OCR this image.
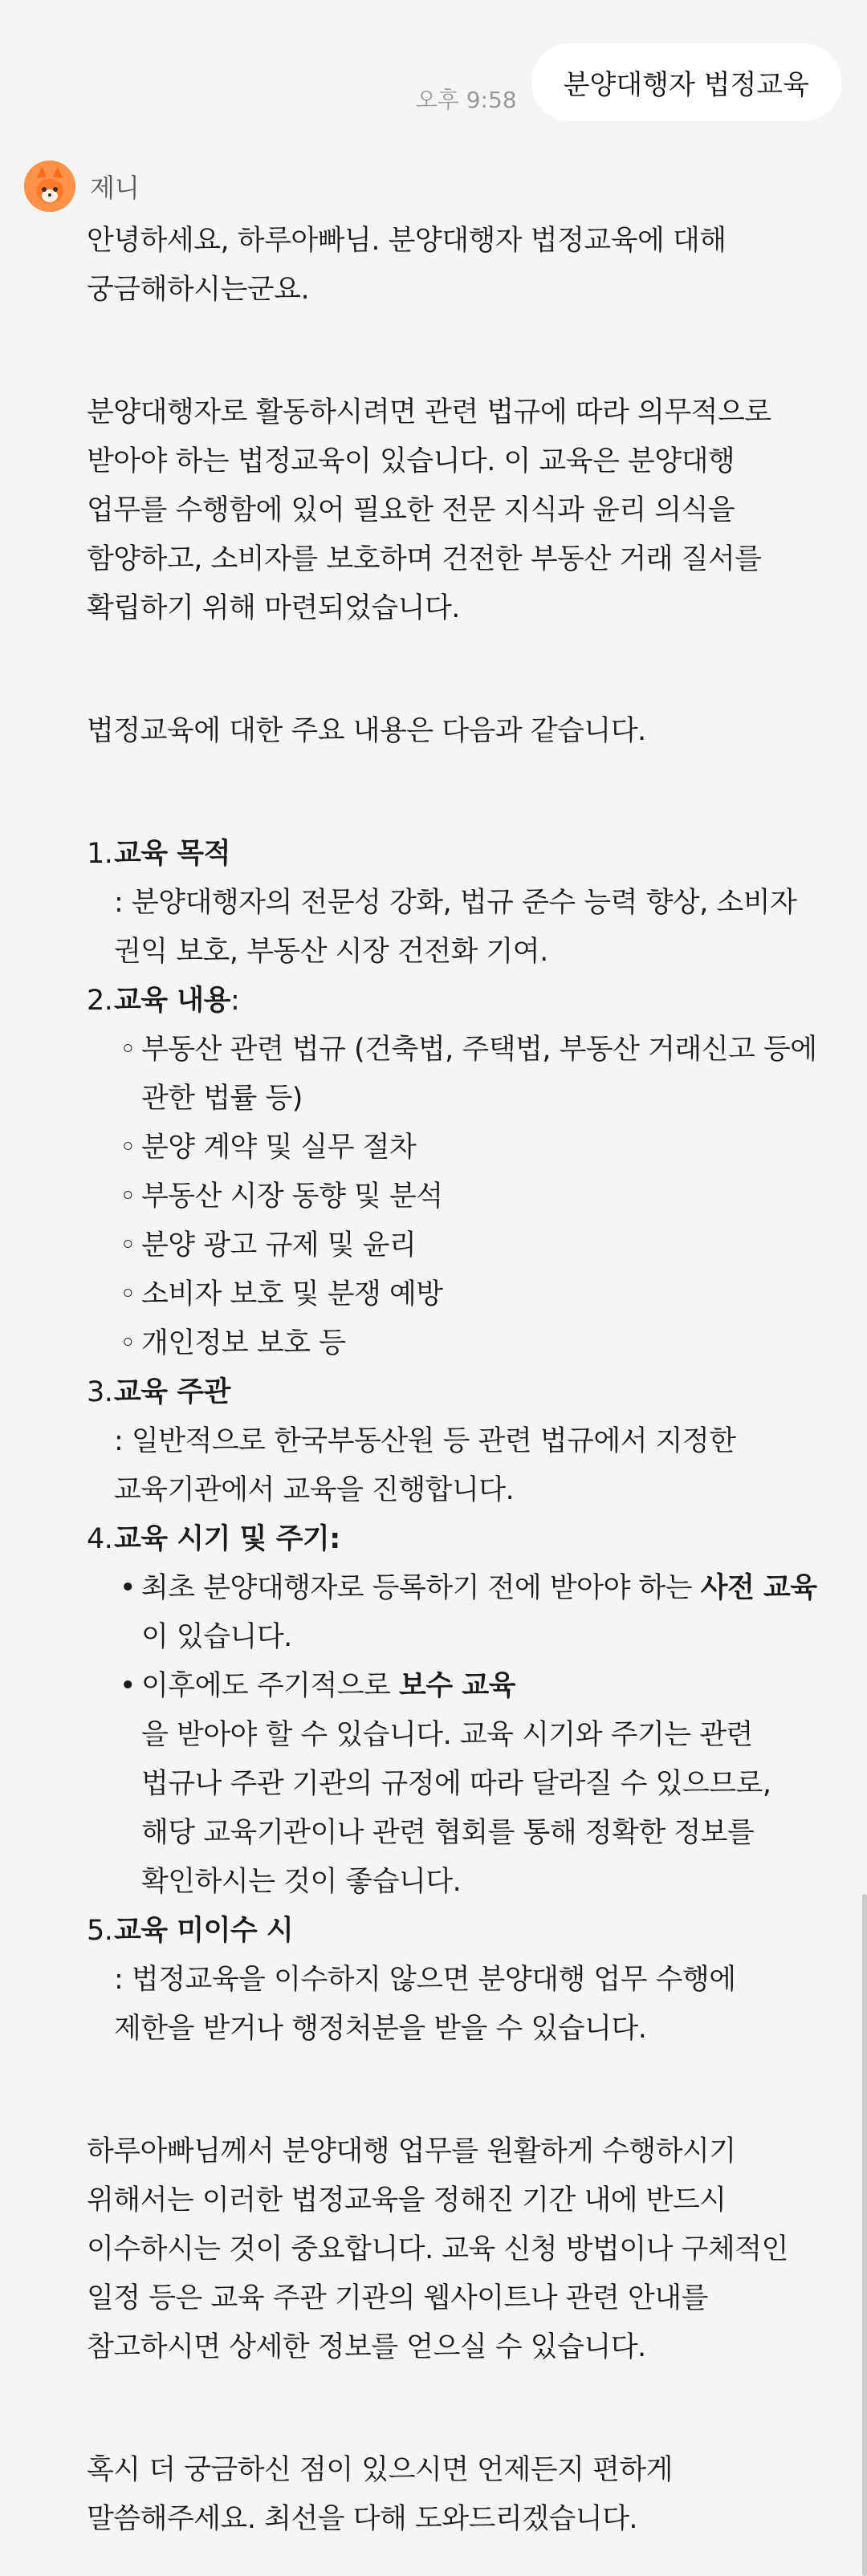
오후 9:58	분양대행자 법정교육
제니

안녕하세요, 하루아빠님. 분양대행자 법정교육에 대해

궁금해하시는군요.

분양대행자로 활동하시려면 관련 법규에 따라 의무적으로

받아야 하는 법정교육이 있습니다. 이 교육은 분양대행

업무를 수행함에 있어 필요한 전문 지식과 윤리 의식을

함양하고, 소비자를 보호하며 건전한 부동산 거래 질서를

확립하기 위해 마련되었습니다.

법정교육에 대한 주요 내용은 다음과 같습니다.

1. 교육 목적

: 분양대행자의 전문성 강화, 법규 준수 능력 향상, 소비자

권익 보호, 부동산 시장 건전화 기여.

2. 교육 내용:
◦
부동산 관련 법규 (건축법, 주택법, 부동산 거래신고 등에 관한 법률 등)
◦
분양 계약 및 실무 절차
◦
부동산 시장 동향 및 분석
◦
분양 광고 규제 및 윤리
◦
소비자 보호 및 분쟁 예방
◦
개인정보 보호 등
3. 교육 주관

: 일반적으로 한국부동산원 등 관련 법규에서 지정한

교육기관에서 교육을 진행합니다.

4. 교육 시기 및 주기:
•
최초 분양대행자로 등록하기 전에 받아야 하는 사전 교육
이 있습니다.
•
이후에도 주기적으로 보수 교육
을 받아야 할 수 있습니다. 교육 시기와 주기는 관련
법규나 주관 기관의 규정에 따라 달라질 수 있으므로,
해당 교육기관이나 관련 협회를 통해 정확한 정보를
확인하시는 것이 좋습니다.
5. 교육 미이수 시

: 법정교육을 이수하지 않으면 분양대행 업무 수행에

제한을 받거나 행정처분을 받을 수 있습니다.

하루아빠님께서 분양대행 업무를 원활하게 수행하시기

위해서는 이러한 법정교육을 정해진 기간 내에 반드시

이수하시는 것이 중요합니다. 교육 신청 방법이나 구체적인

일정 등은 교육 주관 기관의 웹사이트나 관련 안내를

참고하시면 상세한 정보를 얻으실 수 있습니다.

혹시 더 궁금하신 점이 있으시면 언제든지 편하게

말씀해주세요. 최선을 다해 도와드리겠습니다.
